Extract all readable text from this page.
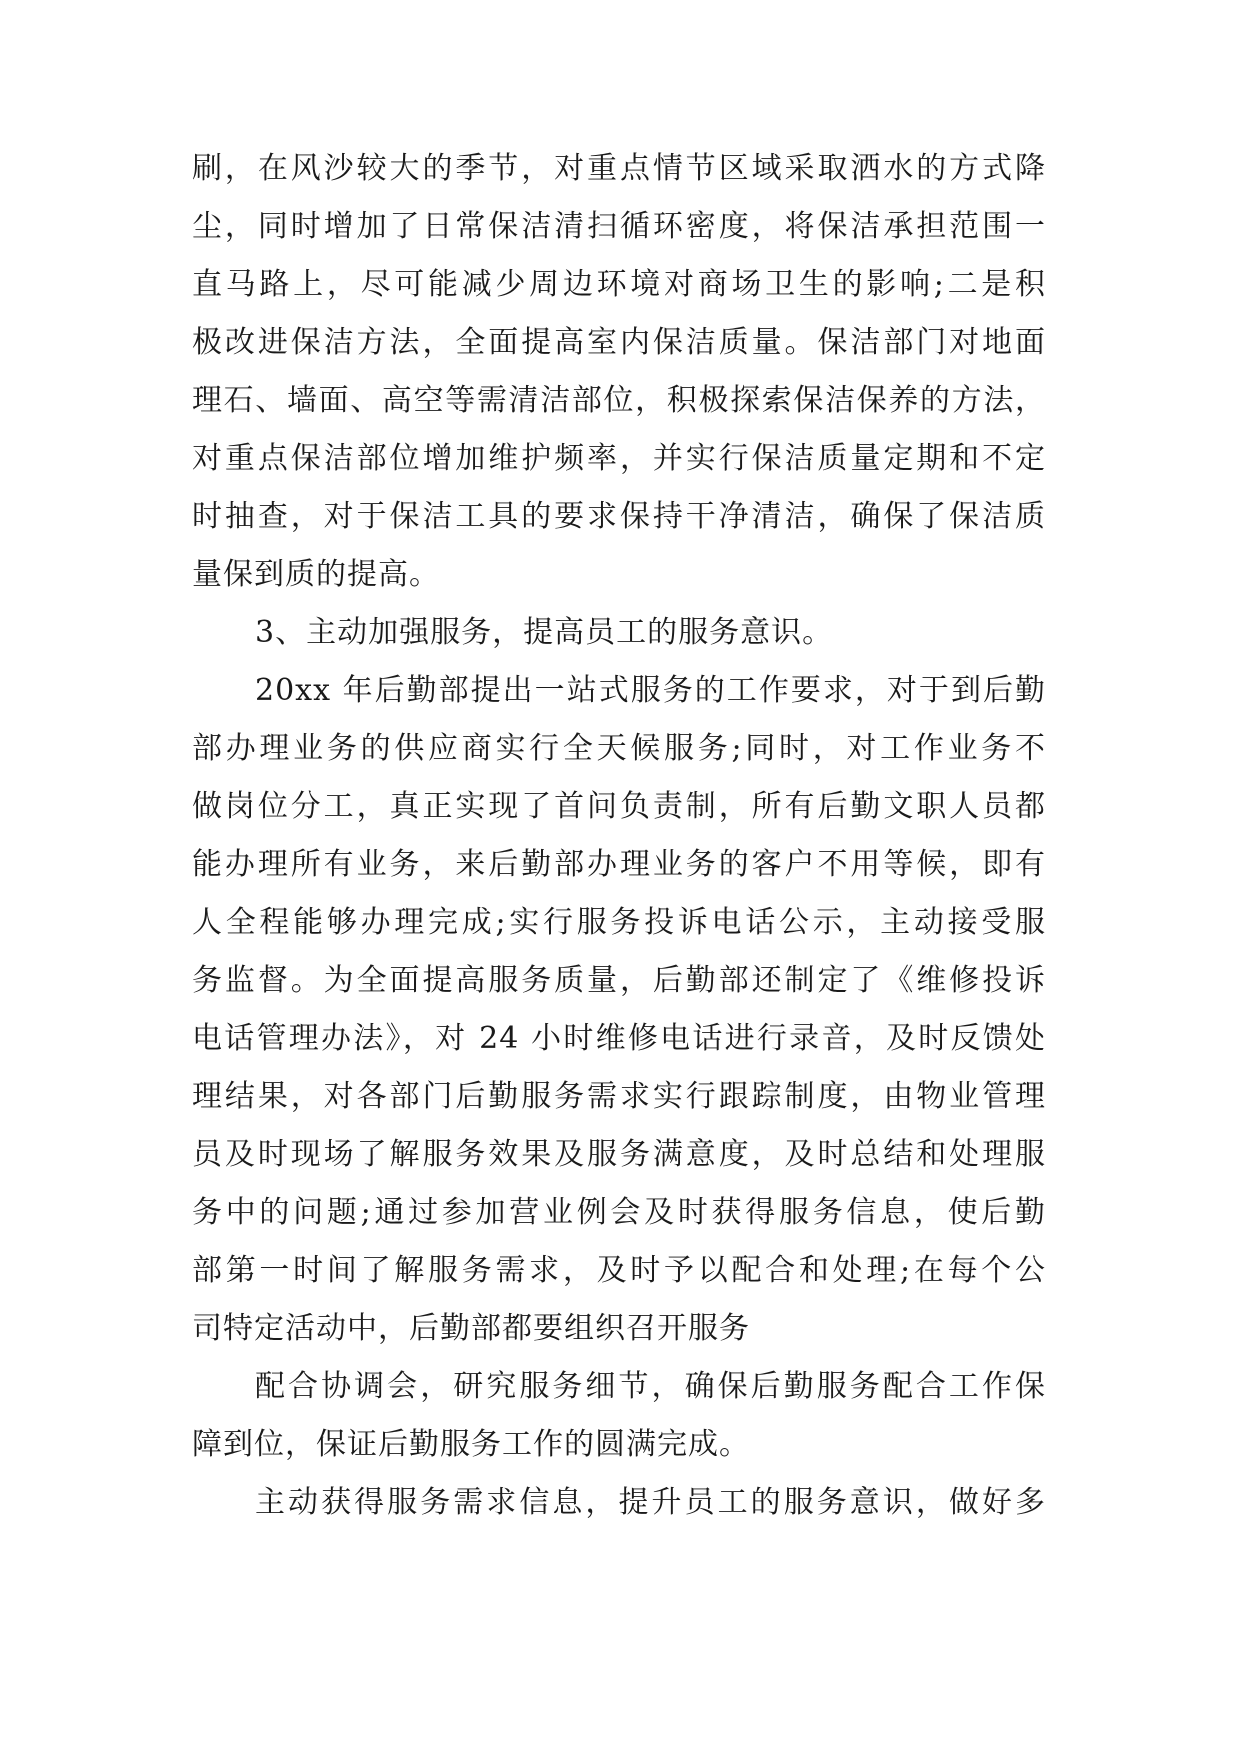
刷，在风沙较大的季节，对重点情节区域采取洒水的方式降
尘，同时增加了日常保洁清扫循环密度，将保洁承担范围一
直马路上，尽可能减少周边环境对商场卫生的影响;二是积
极改进保洁方法，全面提高室内保洁质量。保洁部门对地面
理石、墙面、高空等需清洁部位，积极探索保洁保养的方法，
对重点保洁部位增加维护频率，并实行保洁质量定期和不定
时抽查，对于保洁工具的要求保持干净清洁，确保了保洁质
量保到质的提高。
3、主动加强服务，提高员工的服务意识。
20xx 年后勤部提出一站式服务的工作要求，对于到后勤
部办理业务的供应商实行全天候服务;同时，对工作业务不
做岗位分工，真正实现了首问负责制，所有后勤文职人员都
能办理所有业务，来后勤部办理业务的客户不用等候，即有
人全程能够办理完成;实行服务投诉电话公示，主动接受服
务监督。为全面提高服务质量，后勤部还制定了《维修投诉
电话管理办法》，对 24 小时维修电话进行录音，及时反馈处
理结果，对各部门后勤服务需求实行跟踪制度，由物业管理
员及时现场了解服务效果及服务满意度，及时总结和处理服
务中的问题;通过参加营业例会及时获得服务信息，使后勤
部第一时间了解服务需求，及时予以配合和处理;在每个公
司特定活动中，后勤部都要组织召开服务
配合协调会，研究服务细节，确保后勤服务配合工作保
障到位，保证后勤服务工作的圆满完成。
主动获得服务需求信息，提升员工的服务意识，做好多
